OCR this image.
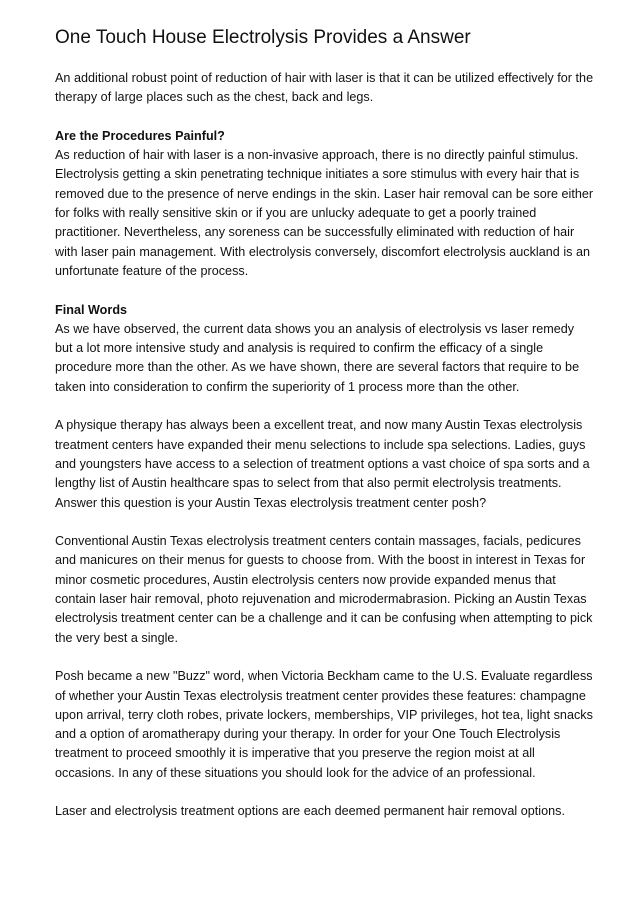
One Touch House Electrolysis Provides a Answer

An additional robust point of reduction of hair with laser is that it can be utilized effectively for the therapy of large places such as the chest, back and legs.

Are the Procedures Painful?

As reduction of hair with laser is a non-invasive approach, there is no directly painful stimulus. Electrolysis getting a skin penetrating technique initiates a sore stimulus with every hair that is removed due to the presence of nerve endings in the skin. Laser hair removal can be sore either for folks with really sensitive skin or if you are unlucky adequate to get a poorly trained practitioner. Nevertheless, any soreness can be successfully eliminated with reduction of hair with laser pain management. With electrolysis conversely, discomfort electrolysis auckland is an unfortunate feature of the process.

Final Words

As we have observed, the current data shows you an analysis of electrolysis vs laser remedy but a lot more intensive study and analysis is required to confirm the efficacy of a single procedure more than the other. As we have shown, there are several factors that require to be taken into consideration to confirm the superiority of 1 process more than the other.

A physique therapy has always been a excellent treat, and now many Austin Texas electrolysis treatment centers have expanded their menu selections to include spa selections. Ladies, guys and youngsters have access to a selection of treatment options a vast choice of spa sorts and a lengthy list of Austin healthcare spas to select from that also permit electrolysis treatments. Answer this question is your Austin Texas electrolysis treatment center posh?

Conventional Austin Texas electrolysis treatment centers contain massages, facials, pedicures and manicures on their menus for guests to choose from. With the boost in interest in Texas for minor cosmetic procedures, Austin electrolysis centers now provide expanded menus that contain laser hair removal, photo rejuvenation and microdermabrasion. Picking an Austin Texas electrolysis treatment center can be a challenge and it can be confusing when attempting to pick the very best a single.

Posh became a new "Buzz" word, when Victoria Beckham came to the U.S. Evaluate regardless of whether your Austin Texas electrolysis treatment center provides these features: champagne upon arrival, terry cloth robes, private lockers, memberships, VIP privileges, hot tea, light snacks and a option of aromatherapy during your therapy. In order for your One Touch Electrolysis treatment to proceed smoothly it is imperative that you preserve the region moist at all occasions. In any of these situations you should look for the advice of an professional.

Laser and electrolysis treatment options are each deemed permanent hair removal options.
